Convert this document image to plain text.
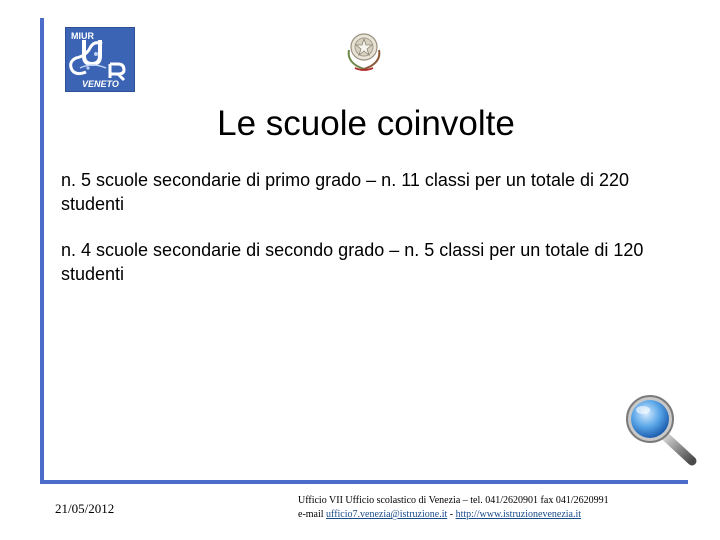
MIUR
VENETO
Le scuole coinvolte
n. 5 scuole secondarie di primo grado – n. 11 classi per un totale di 220 studenti
n. 4 scuole secondarie di secondo grado – n. 5 classi per un totale di 120 studenti
21/05/2012
Ufficio VII Ufficio scolastico di Venezia – tel. 041/2620901 fax 041/2620991
e-mail ufficio7.venezia@istruzione.it - http://www.istruzionevenezia.it
